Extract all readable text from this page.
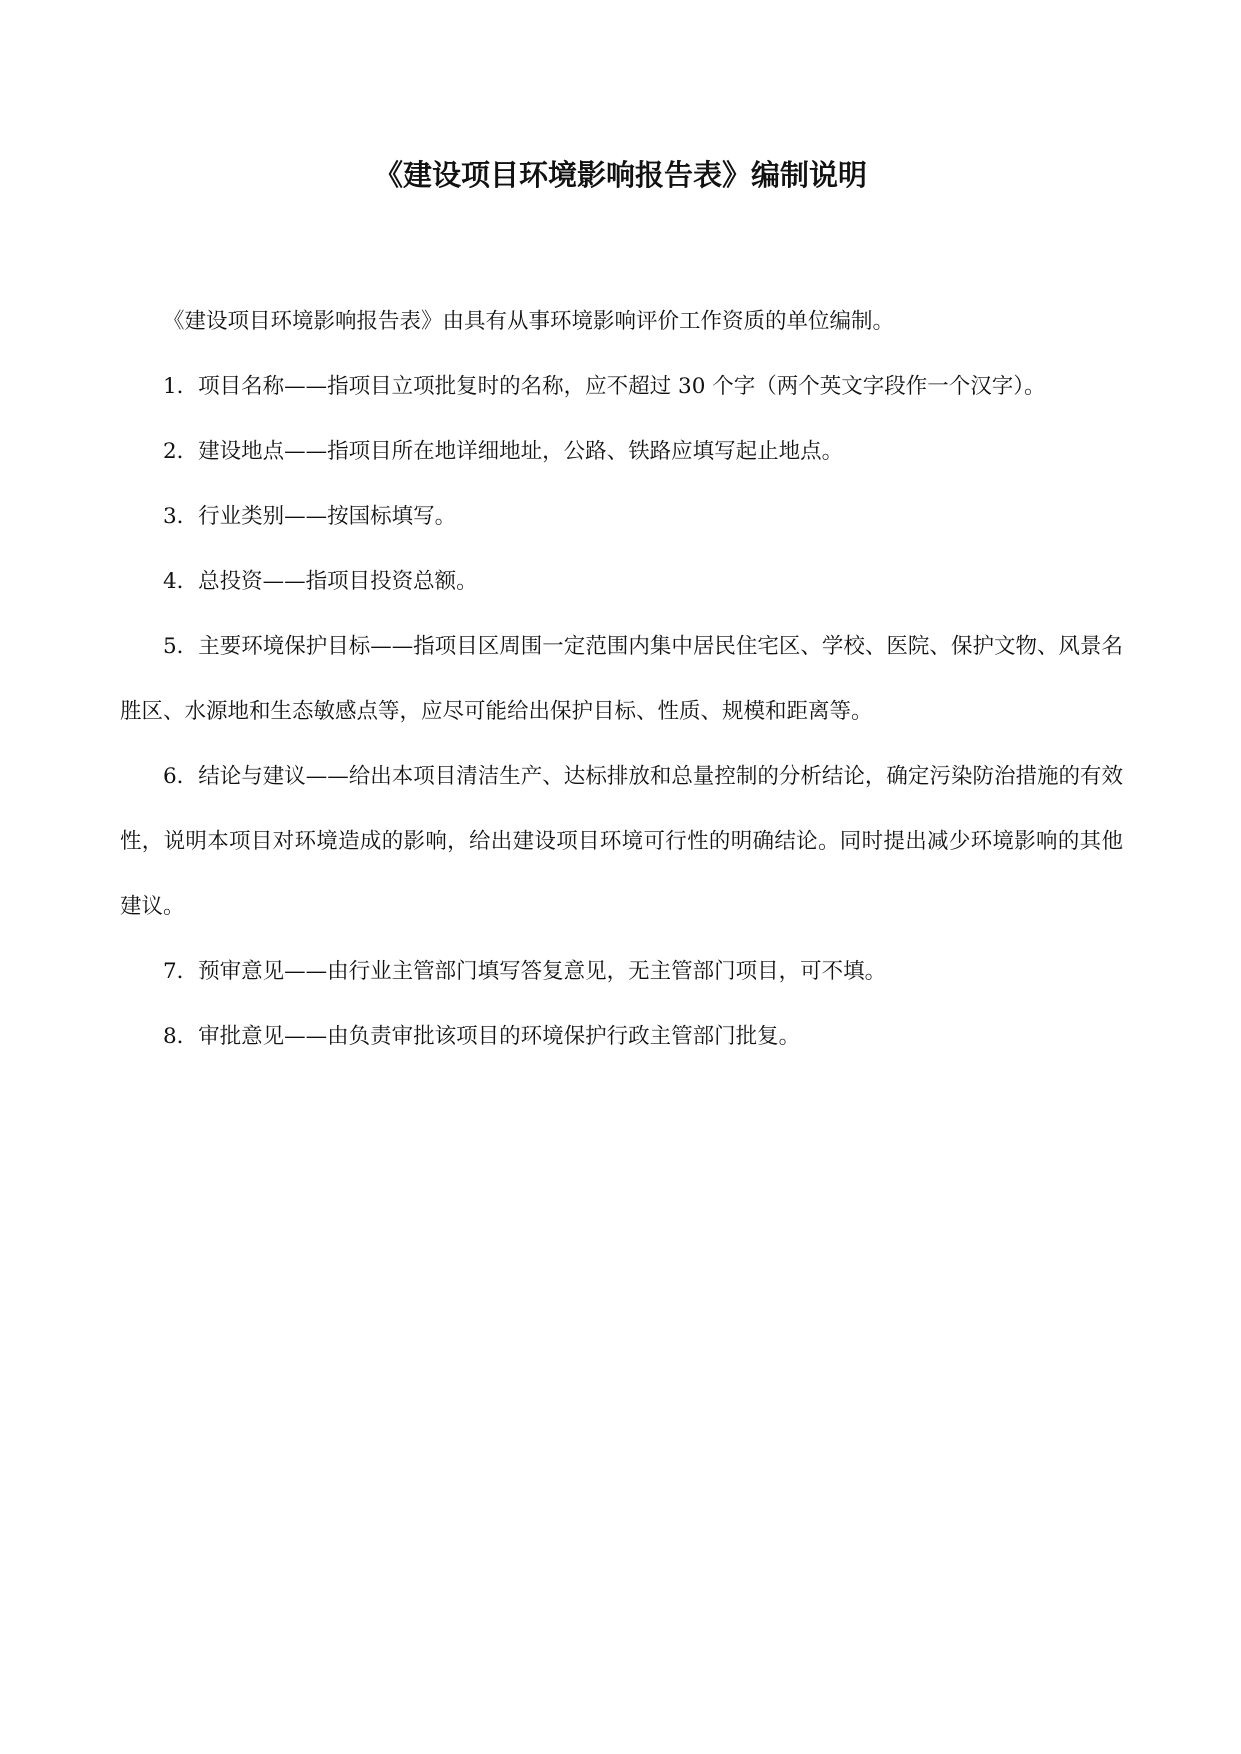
《建设项目环境影响报告表》编制说明

《建设项目环境影响报告表》由具有从事环境影响评价工作资质的单位编制。

1．项目名称——指项目立项批复时的名称，应不超过 30 个字（两个英文字段作一个汉字）。

2．建设地点——指项目所在地详细地址，公路、铁路应填写起止地点。

3．行业类别——按国标填写。

4．总投资——指项目投资总额。

5．主要环境保护目标——指项目区周围一定范围内集中居民住宅区、学校、医院、保护文物、风景名胜区、水源地和生态敏感点等，应尽可能给出保护目标、性质、规模和距离等。

6．结论与建议——给出本项目清洁生产、达标排放和总量控制的分析结论，确定污染防治措施的有效性，说明本项目对环境造成的影响，给出建设项目环境可行性的明确结论。同时提出减少环境影响的其他建议。

7．预审意见——由行业主管部门填写答复意见，无主管部门项目，可不填。

8．审批意见——由负责审批该项目的环境保护行政主管部门批复。
